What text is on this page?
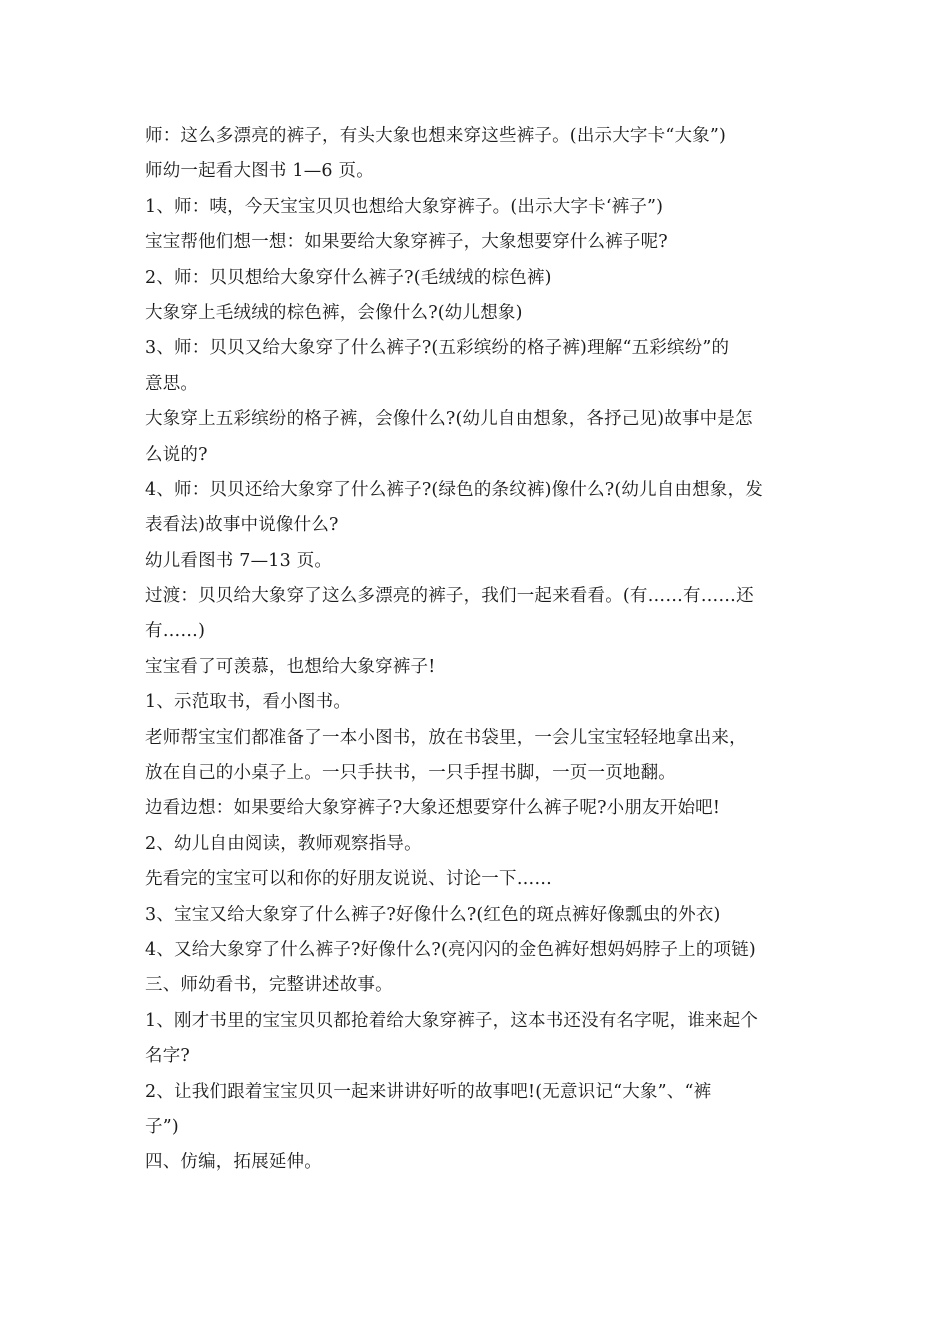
师：这么多漂亮的裤子，有头大象也想来穿这些裤子。(出示大字卡“大象”)
师幼一起看大图书 1—6 页。
1、师：咦，今天宝宝贝贝也想给大象穿裤子。(出示大字卡‘裤子”)
宝宝帮他们想一想：如果要给大象穿裤子，大象想要穿什么裤子呢?
2、师：贝贝想给大象穿什么裤子?(毛绒绒的棕色裤)
大象穿上毛绒绒的棕色裤，会像什么?(幼儿想象)
3、师：贝贝又给大象穿了什么裤子?(五彩缤纷的格子裤)理解“五彩缤纷”的
意思。
大象穿上五彩缤纷的格子裤，会像什么?(幼儿自由想象，各抒己见)故事中是怎
么说的?
4、师：贝贝还给大象穿了什么裤子?(绿色的条纹裤)像什么?(幼儿自由想象，发
表看法)故事中说像什么?
幼儿看图书 7—13 页。
过渡：贝贝给大象穿了这么多漂亮的裤子，我们一起来看看。(有……有……还
有……)
宝宝看了可羡慕，也想给大象穿裤子!
1、示范取书，看小图书。
老师帮宝宝们都准备了一本小图书，放在书袋里，一会儿宝宝轻轻地拿出来，
放在自己的小桌子上。一只手扶书，一只手捏书脚，一页一页地翻。
边看边想：如果要给大象穿裤子?大象还想要穿什么裤子呢?小朋友开始吧!
2、幼儿自由阅读，教师观察指导。
先看完的宝宝可以和你的好朋友说说、讨论一下……
3、宝宝又给大象穿了什么裤子?好像什么?(红色的斑点裤好像瓢虫的外衣)
4、又给大象穿了什么裤子?好像什么?(亮闪闪的金色裤好想妈妈脖子上的项链)
三、师幼看书，完整讲述故事。
1、刚才书里的宝宝贝贝都抢着给大象穿裤子，这本书还没有名字呢，谁来起个
名字?
2、让我们跟着宝宝贝贝一起来讲讲好听的故事吧!(无意识记“大象”、“裤
子”)
四、仿编，拓展延伸。
